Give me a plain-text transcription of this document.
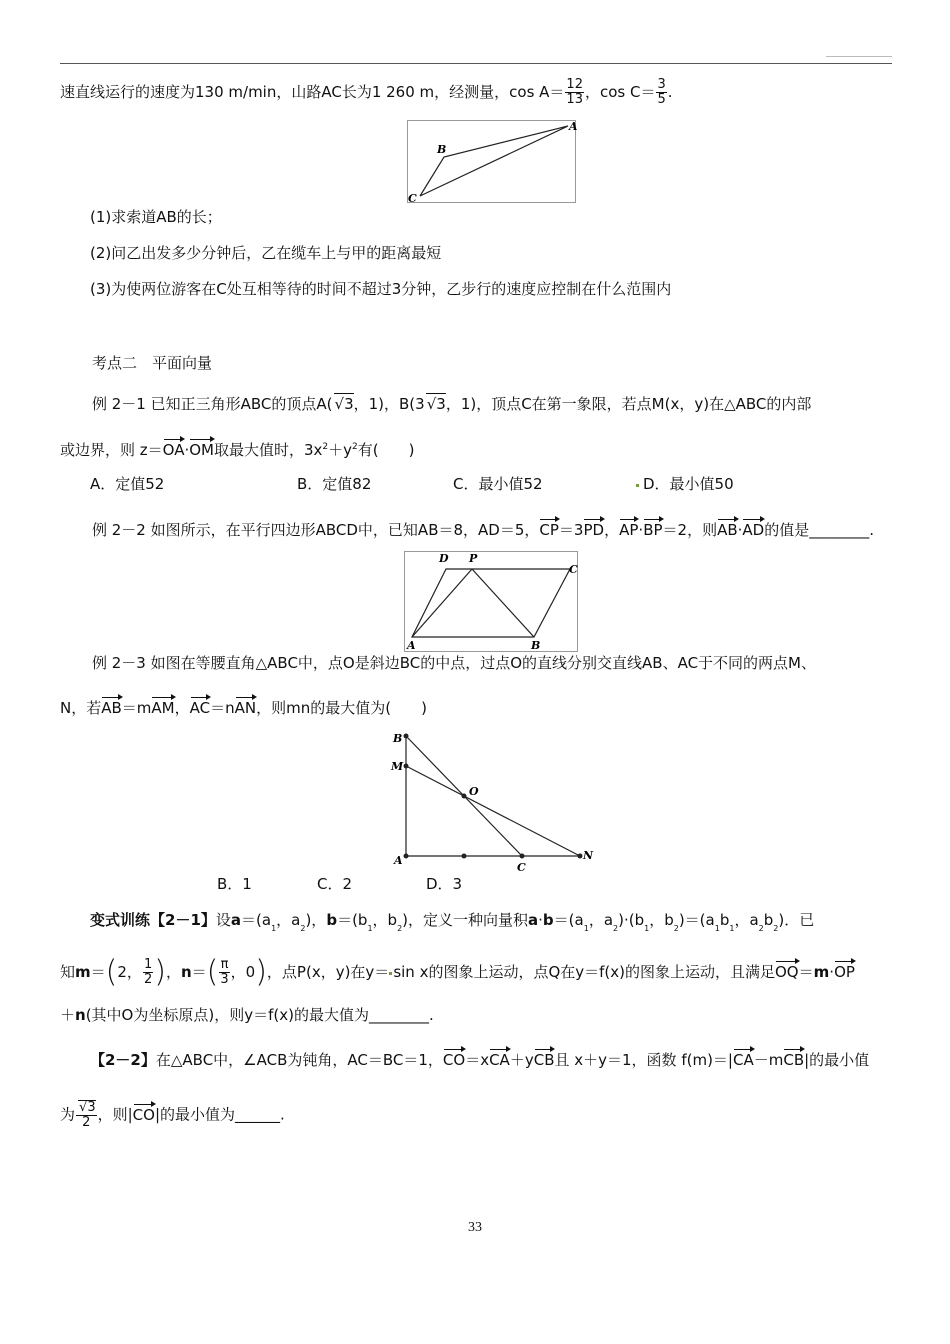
速直线运行的速度为130 m/min，山路AC长为1 260 m，经测量，$\cos A= \frac{12}{13}$ ，$\cos C= \frac{3}{5}$ .
A
B
C
(1)求索道AB的长；
(2)问乙出发多少分钟后，乙在缆车上与甲的距离最短
(3)为使两位游客在C处互相等待的时间不超过3分钟，乙步行的速度应控制在什么范围内
考点二　平面向量
例 2－1 已知正三角形ABC的顶点A( √3，1)，B(3 √3，1)，顶点C在第一象限，若点M(x，y)在△ABC的内部
或边界，则 z＝OA·OM取最大值时，$3x^2+y^2$有(　　)
A．定值52	B．定值82	C．最小值52	D．最小值50
例 2－2 如图所示，在平行四边形ABCD中，已知AB＝8，AD＝5，CP＝3PD，AP·BP＝2，则AB·AD的值是________.
A	B
C
D P
例 2－3 如图在等腰直角△ABC中，点O是斜边BC的中点，过点O的直线分别交直线AB、AC于不同的两点M、
N，若AB＝mAM，AC＝nAN，则mn的最大值为(　　)
B
M
O
A
C
N
B．1	C．2	D．3
变式训练【2－1】设$a=(a_1$，$a_2$)，$b=(b_1$，$b_2$)，定义一种向量积$a\cdot b=(a_1$，$a_2)\cdot(b_1$，$b_2)=(a_1b_1$，$a_2b_2$)．已
知m＝(2， $\frac{1}{2}$ )，$n=( \frac{\pi}{3}$ ，0)，点P(x，y)在y＝ sin x的图象上运动，点Q在y＝f(x)的图象上运动，且满足OQ＝m·OP
＋n(其中O为坐标原点)，则y＝f(x)的最大值为________.
【2－2】在△ABC中，∠ACB为钝角，AC＝BC＝1，CO＝xCA＋yCB且 x＋y＝1，函数 f(m)＝|CA－mCB|的最小值
为 $\frac{√3}{2}$ ，则|CO|的最小值为______.
33
